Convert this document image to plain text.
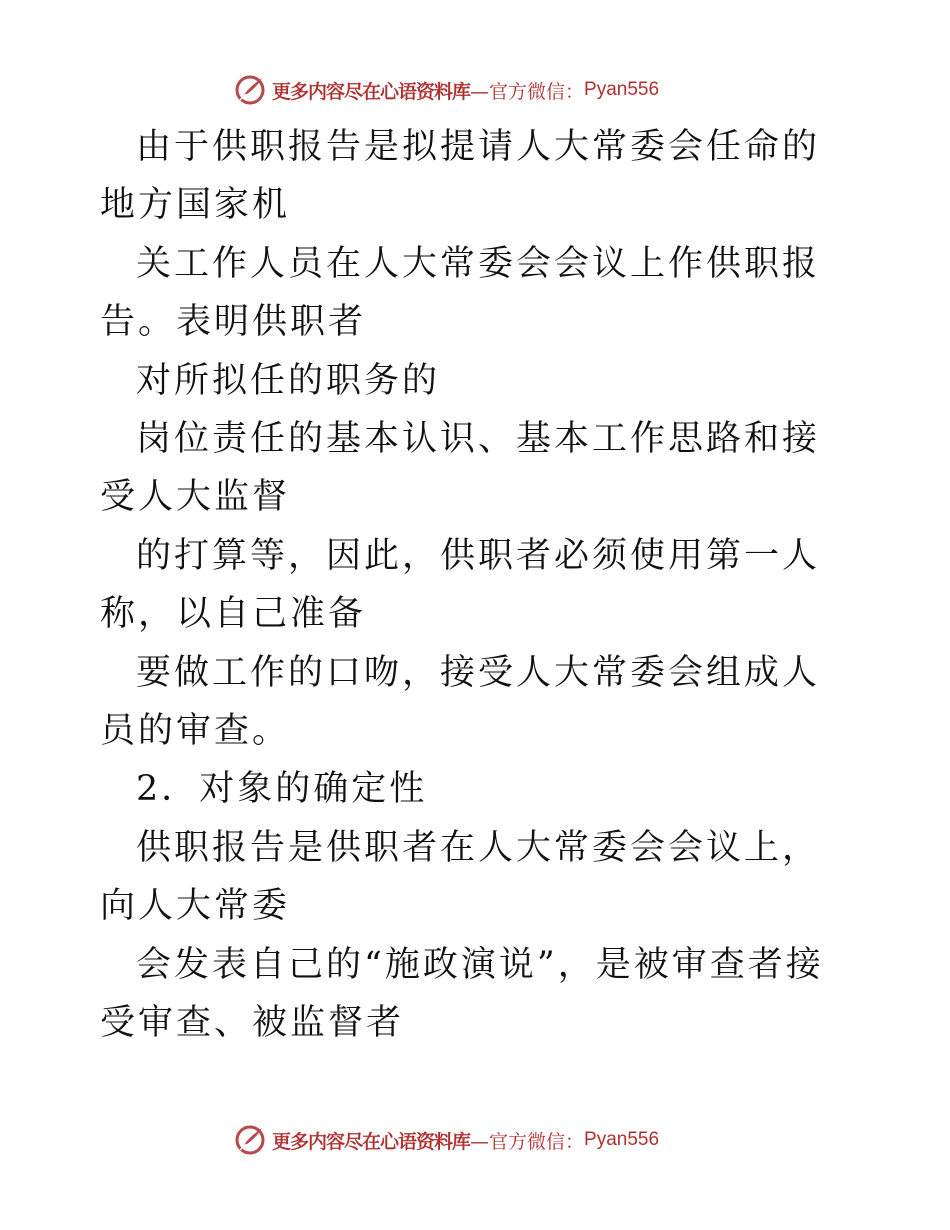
更多内容尽在心语资料库 —官方微信： Pyan556

由于供职报告是拟提请人大常委会任命的地方国家机

关工作人员在人大常委会会议上作供职报告。表明供职者

对所拟任的职务的

岗位责任的基本认识、基本工作思路和接受人大监督

的打算等，因此，供职者必须使用第一人称，以自己准备

要做工作的口吻，接受人大常委会组成人员的审查。

2．对象的确定性

供职报告是供职者在人大常委会会议上，向人大常委

会发表自己的“施政演说”，是被审查者接受审查、被监督者

更多内容尽在心语资料库 —官方微信： Pyan556
